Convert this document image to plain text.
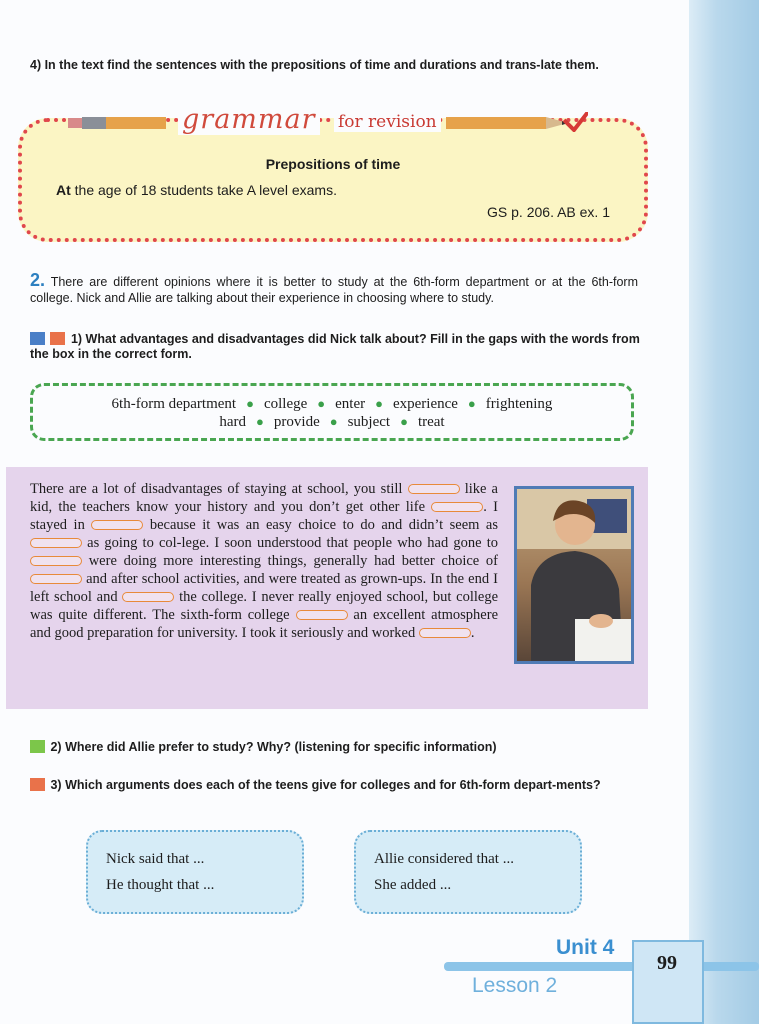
4) In the text find the sentences with the prepositions of time and durations and trans-late them.
Prepositions of time
At the age of 18 students take A level exams.
GS p. 206. AB ex. 1
grammar for revision
2. There are different opinions where it is better to study at the 6th-form department or at the 6th-form college. Nick and Allie are talking about their experience in choosing where to study.
1) What advantages and disadvantages did Nick talk about? Fill in the gaps with the words from the box in the correct form.
6th-form department ● college ● enter ● experience ● frightening
hard ● provide ● subject ● treat
There are a lot of disadvantages of staying at school, you still	like a kid, the teachers know your history and you don’t get other life	. I stayed in	because it was an easy choice to do and didn’t seem as  as going to col-lege. I soon understood that people who had gone to  were doing more interesting things, generally had better choice of  and after school activities, and were treated as grown-ups. In the end I left school and	the college. I never really enjoyed school, but college was quite different. The sixth-form college	an excellent atmosphere and good preparation for university. I took it seriously and worked	.
2) Where did Allie prefer to study? Why? (listening for specific information)
3) Which arguments does each of the teens give for colleges and for 6th-form depart-ments?
Nick said that ...
He thought that ...
Allie considered that ...
She added ...
Unit 4
Lesson 2
99
